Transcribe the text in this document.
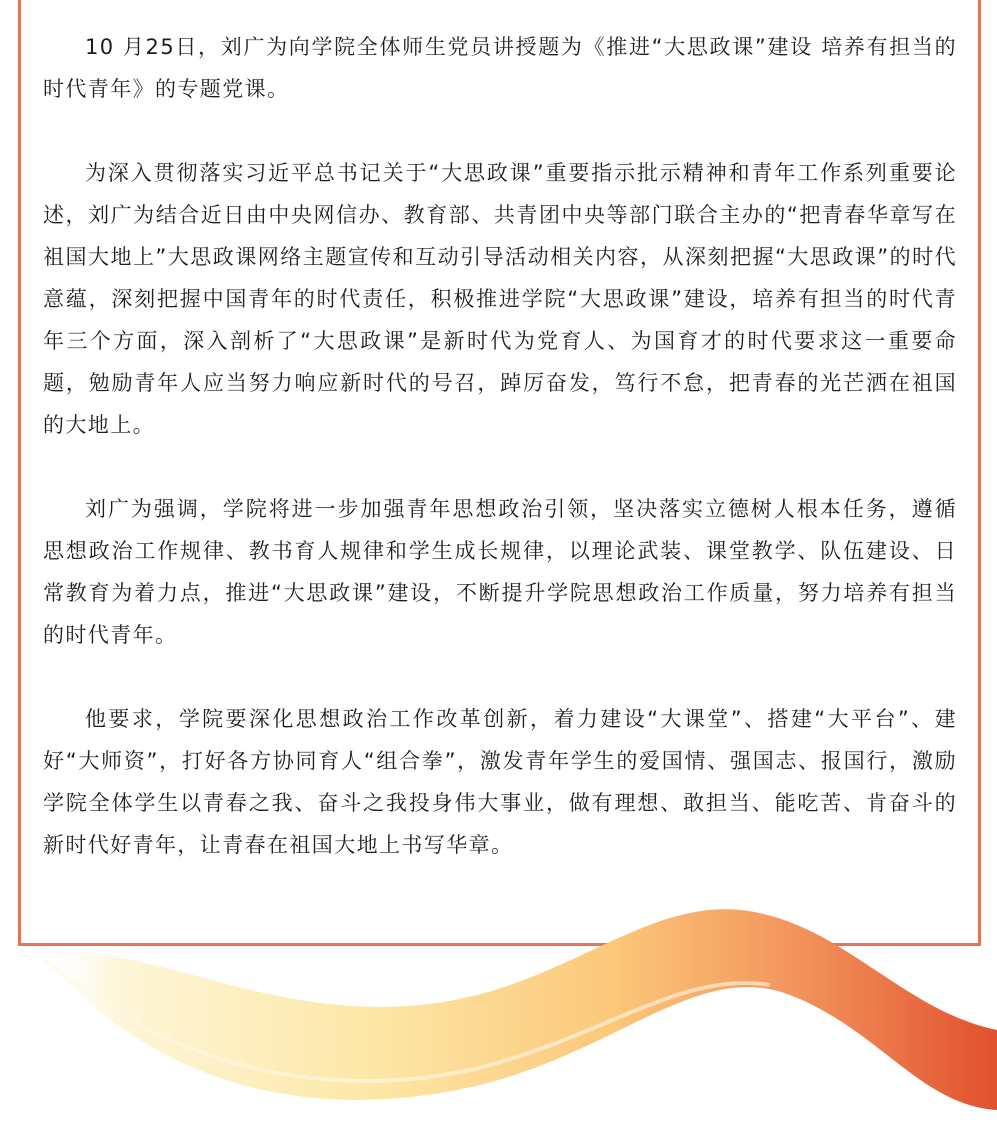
10 月25日，刘广为向学院全体师生党员讲授题为《推进“大思政课”建设 培养有担当的时代青年》的专题党课。

为深入贯彻落实习近平总书记关于“大思政课”重要指示批示精神和青年工作系列重要论述，刘广为结合近日由中央网信办、教育部、共青团中央等部门联合主办的“把青春华章写在祖国大地上”大思政课网络主题宣传和互动引导活动相关内容，从深刻把握“大思政课”的时代意蕴，深刻把握中国青年的时代责任，积极推进学院“大思政课”建设，培养有担当的时代青年三个方面，深入剖析了“大思政课”是新时代为党育人、为国育才的时代要求这一重要命题，勉励青年人应当努力响应新时代的号召，踔厉奋发，笃行不怠，把青春的光芒洒在祖国的大地上。

刘广为强调，学院将进一步加强青年思想政治引领，坚决落实立德树人根本任务，遵循思想政治工作规律、教书育人规律和学生成长规律，以理论武装、课堂教学、队伍建设、日常教育为着力点，推进“大思政课”建设，不断提升学院思想政治工作质量，努力培养有担当的时代青年。

他要求，学院要深化思想政治工作改革创新，着力建设“大课堂”、搭建“大平台”、建好“大师资”，打好各方协同育人“组合拳”，激发青年学生的爱国情、强国志、报国行，激励学院全体学生以青春之我、奋斗之我投身伟大事业，做有理想、敢担当、能吃苦、肯奋斗的新时代好青年，让青春在祖国大地上书写华章。
